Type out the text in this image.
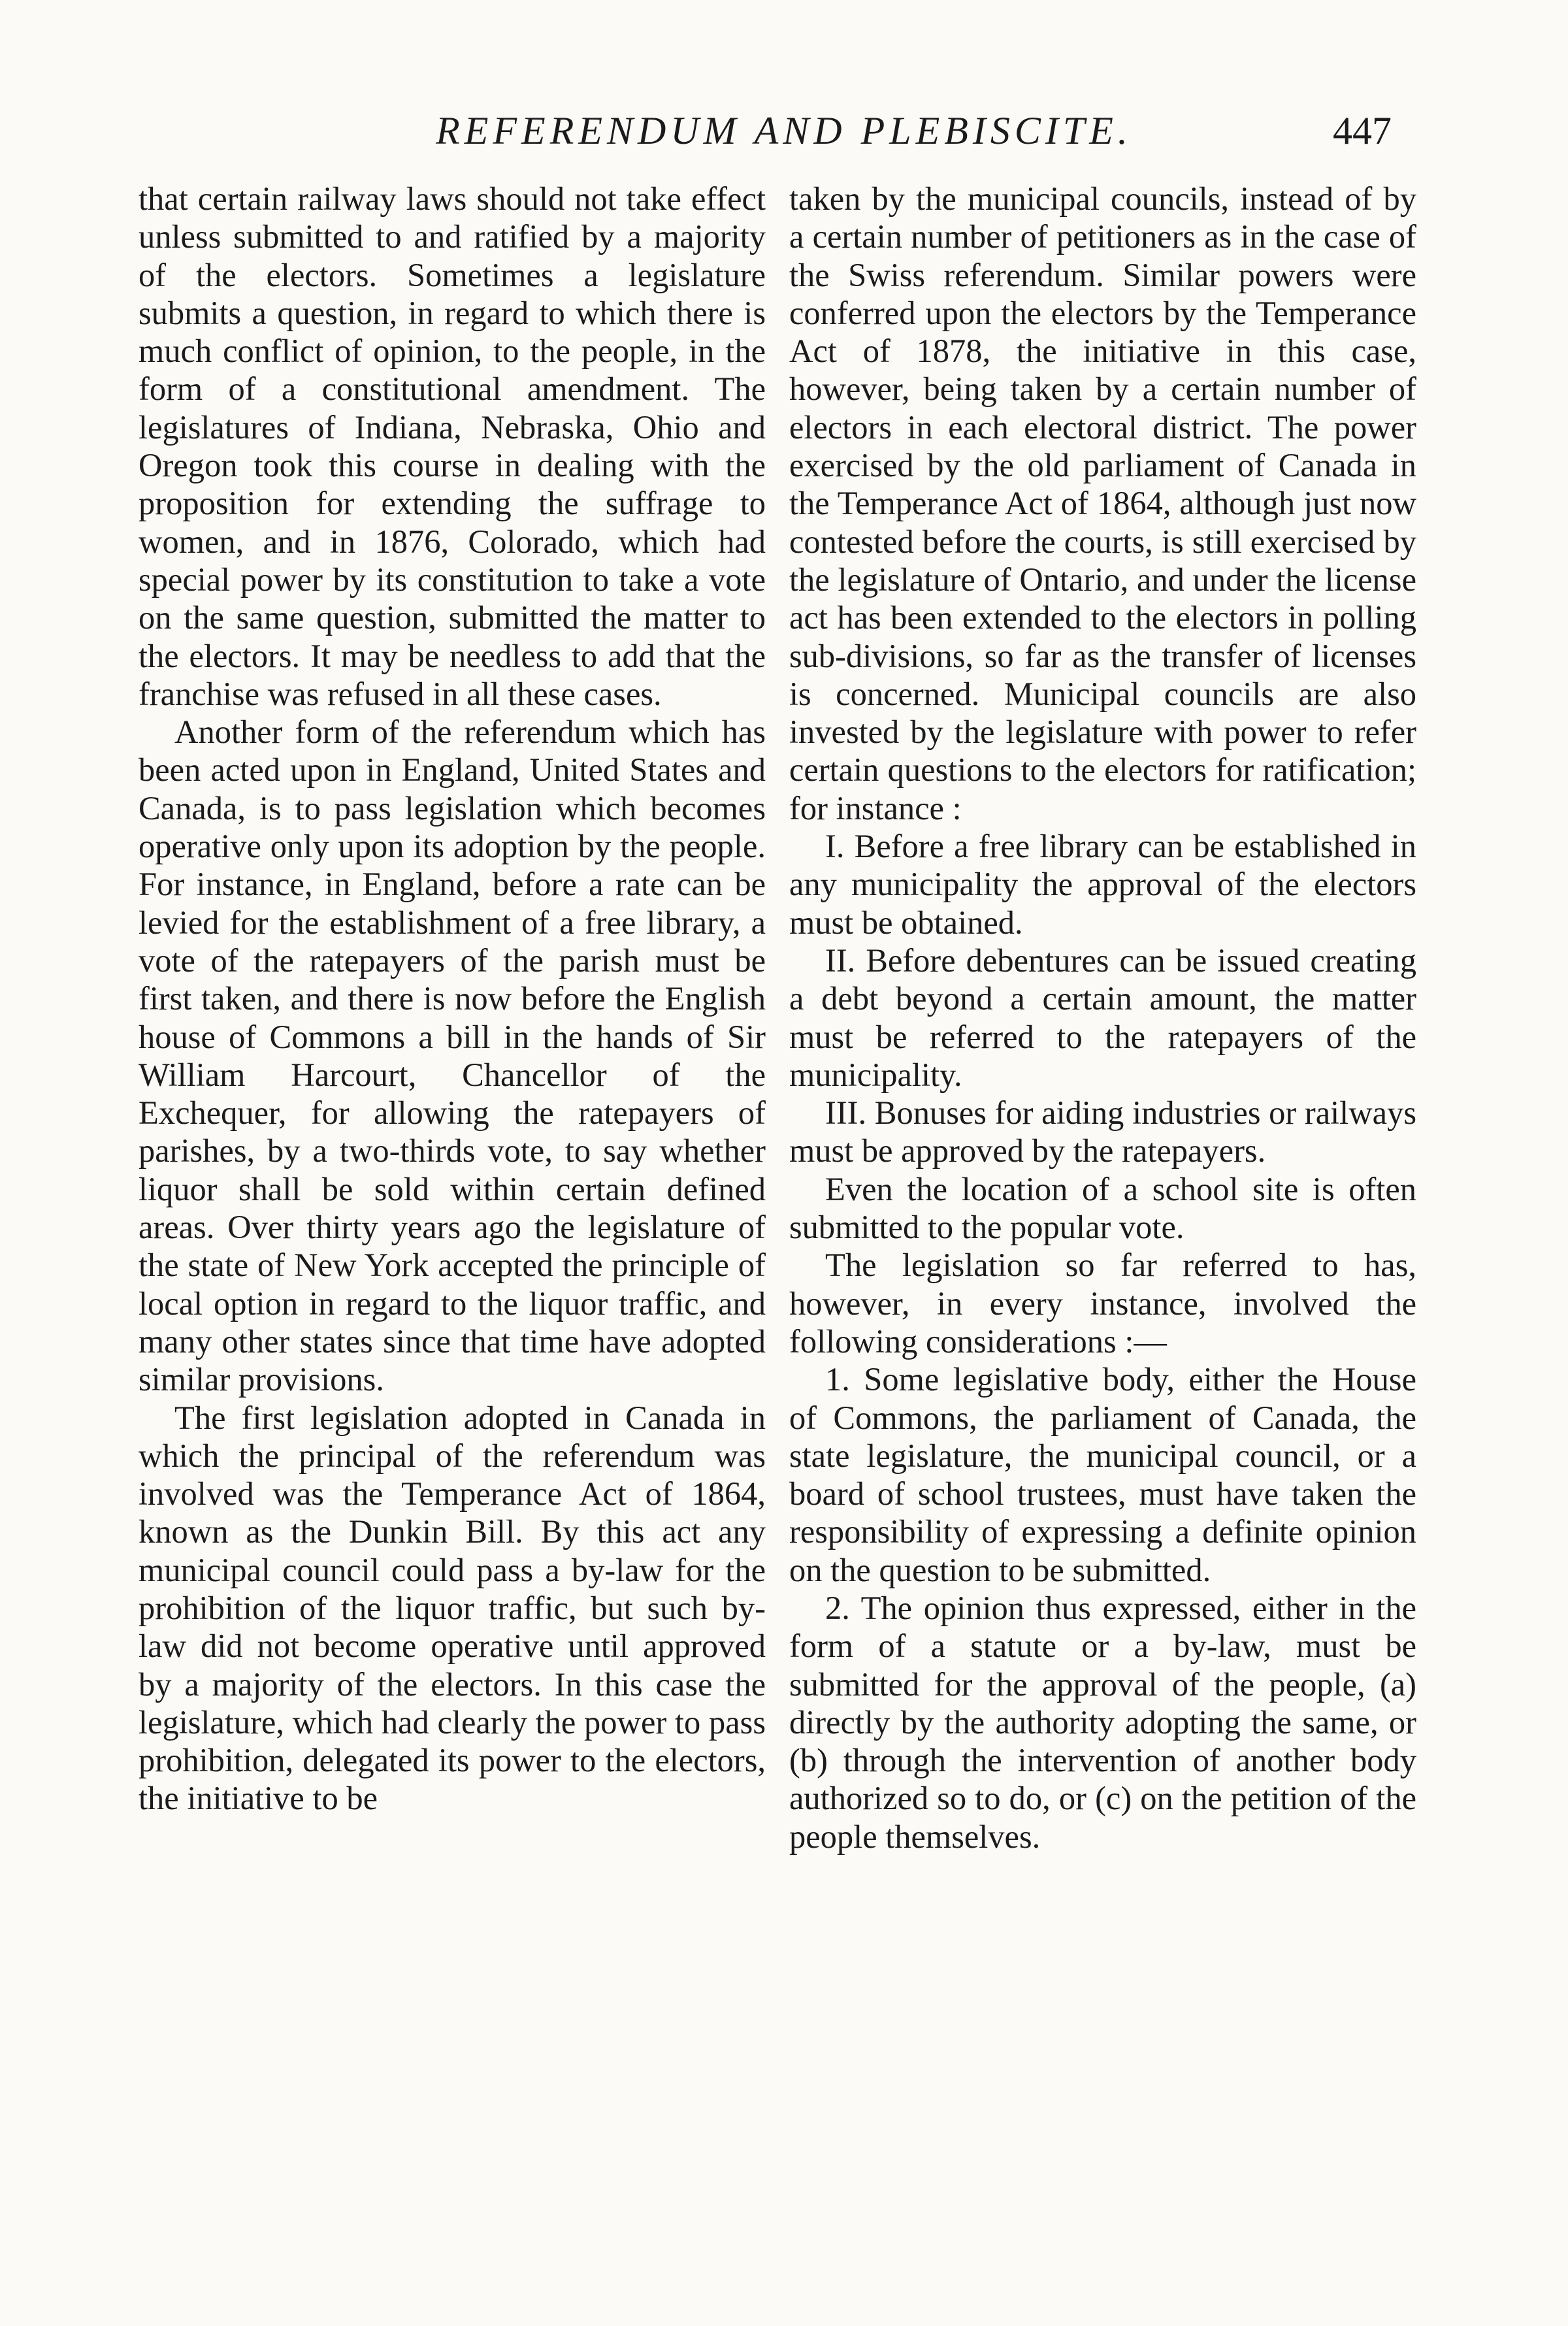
REFERENDUM AND PLEBISCITE.	447

that certain railway laws should not take effect unless submitted to and ratified by a majority of the electors. Sometimes a legislature submits a question, in regard to which there is much conflict of opinion, to the people, in the form of a constitutional amendment. The legislatures of Indiana, Nebraska, Ohio and Oregon took this course in dealing with the proposition for extending the suffrage to women, and in 1876, Colorado, which had special power by its constitution to take a vote on the same question, submitted the matter to the electors. It may be needless to add that the franchise was refused in all these cases.

Another form of the referendum which has been acted upon in England, United States and Canada, is to pass legislation which becomes operative only upon its adoption by the people. For instance, in England, before a rate can be levied for the establishment of a free library, a vote of the ratepayers of the parish must be first taken, and there is now before the English house of Commons a bill in the hands of Sir William Harcourt, Chancellor of the Exchequer, for allowing the ratepayers of parishes, by a two-thirds vote, to say whether liquor shall be sold within certain defined areas. Over thirty years ago the legislature of the state of New York accepted the principle of local option in regard to the liquor traffic, and many other states since that time have adopted similar provisions.

The first legislation adopted in Canada in which the principal of the referendum was involved was the Temperance Act of 1864, known as the Dunkin Bill. By this act any municipal council could pass a by-law for the prohibition of the liquor traffic, but such by-law did not become operative until approved by a majority of the electors. In this case the legislature, which had clearly the power to pass prohibition, delegated its power to the electors, the initiative to be

taken by the municipal councils, instead of by a certain number of petitioners as in the case of the Swiss referendum. Similar powers were conferred upon the electors by the Temperance Act of 1878, the initiative in this case, however, being taken by a certain number of electors in each electoral district. The power exercised by the old parliament of Canada in the Temperance Act of 1864, although just now contested before the courts, is still exercised by the legislature of Ontario, and under the license act has been extended to the electors in polling sub-divisions, so far as the transfer of licenses is concerned. Municipal councils are also invested by the legislature with power to refer certain questions to the electors for ratification; for instance :

I. Before a free library can be established in any municipality the approval of the electors must be obtained.

II. Before debentures can be issued creating a debt beyond a certain amount, the matter must be referred to the ratepayers of the municipality.

III. Bonuses for aiding industries or railways must be approved by the ratepayers.

Even the location of a school site is often submitted to the popular vote.

The legislation so far referred to has, however, in every instance, involved the following considerations :—

1. Some legislative body, either the House of Commons, the parliament of Canada, the state legislature, the municipal council, or a board of school trustees, must have taken the responsibility of expressing a definite opinion on the question to be submitted.

2. The opinion thus expressed, either in the form of a statute or a by-law, must be submitted for the approval of the people, (a) directly by the authority adopting the same, or (b) through the intervention of another body authorized so to do, or (c) on the petition of the people themselves.
